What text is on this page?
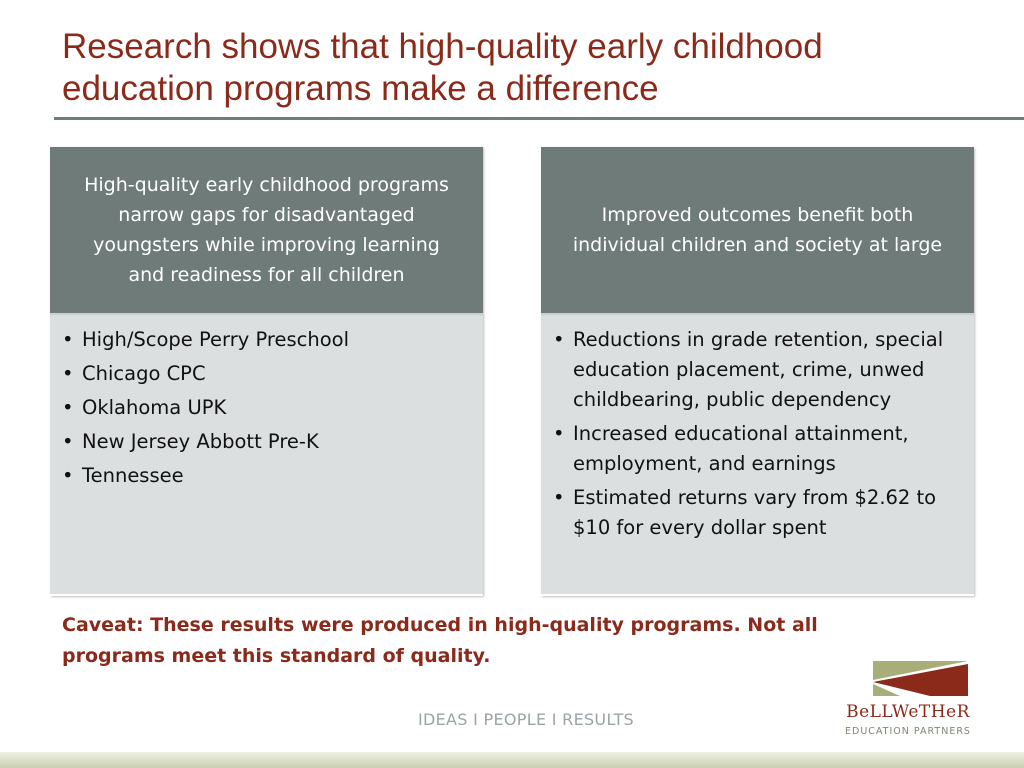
Research shows that high-quality early childhood education programs make a difference
High-quality early childhood programs narrow gaps for disadvantaged youngsters while improving learning and readiness for all children
• High/Scope Perry Preschool
• Chicago CPC
• Oklahoma UPK
• New Jersey Abbott Pre-K
• Tennessee
Improved outcomes benefit both individual children and society at large
• Reductions in grade retention, special education placement, crime, unwed childbearing, public dependency
• Increased educational attainment, employment, and earnings
• Estimated returns vary from $2.62 to $10 for every dollar spent
Caveat: These results were produced in high-quality programs. Not all programs meet this standard of quality.
IDEAS I PEOPLE I RESULTS	BeLLWeTHeR
EDUCATION PARTNERS
